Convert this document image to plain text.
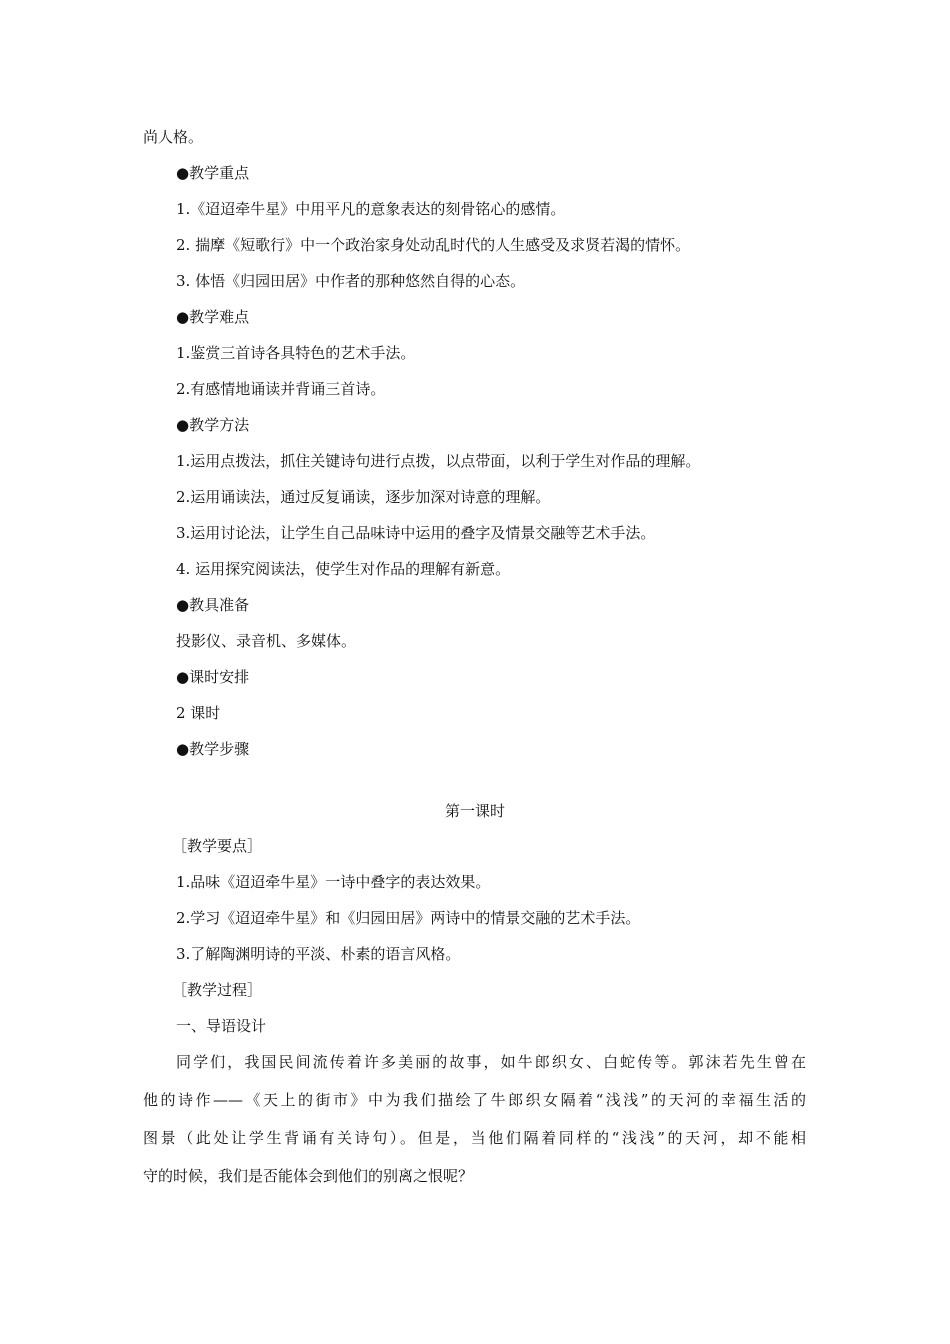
尚人格。
●教学重点
1.《迢迢牵牛星》中用平凡的意象表达的刻骨铭心的感情。
2. 揣摩《短歌行》中一个政治家身处动乱时代的人生感受及求贤若渴的情怀。
3. 体悟《归园田居》中作者的那种悠然自得的心态。
●教学难点
1.鉴赏三首诗各具特色的艺术手法。
2.有感情地诵读并背诵三首诗。
●教学方法
1.运用点拨法，抓住关键诗句进行点拨，以点带面，以利于学生对作品的理解。
2.运用诵读法，通过反复诵读，逐步加深对诗意的理解。
3.运用讨论法，让学生自己品味诗中运用的叠字及情景交融等艺术手法。
4. 运用探究阅读法，使学生对作品的理解有新意。
●教具准备
投影仪、录音机、多媒体。
●课时安排
2 课时
●教学步骤
第一课时
［教学要点］
1.品味《迢迢牵牛星》一诗中叠字的表达效果。
2.学习《迢迢牵牛星》和《归园田居》两诗中的情景交融的艺术手法。
3.了解陶渊明诗的平淡、朴素的语言风格。
［教学过程］
一、导语设计
同学们，我国民间流传着许多美丽的故事，如牛郎织女、白蛇传等。郭沫若先生曾在
他的诗作——《天上的街市》中为我们描绘了牛郎织女隔着“浅浅”的天河的幸福生活的
图景（此处让学生背诵有关诗句）。但是，当他们隔着同样的“浅浅”的天河，却不能相
守的时候，我们是否能体会到他们的别离之恨呢？
